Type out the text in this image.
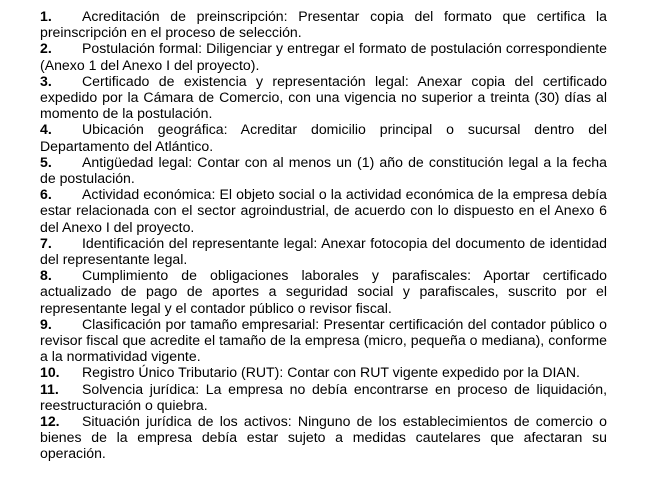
1. Acreditación de preinscripción: Presentar copia del formato que certifica la preinscripción en el proceso de selección.

2. Postulación formal: Diligenciar y entregar el formato de postulación correspondiente (Anexo 1 del Anexo I del proyecto).

3. Certificado de existencia y representación legal: Anexar copia del certificado expedido por la Cámara de Comercio, con una vigencia no superior a treinta (30) días al momento de la postulación.

4. Ubicación geográfica: Acreditar domicilio principal o sucursal dentro del Departamento del Atlántico.

5. Antigüedad legal: Contar con al menos un (1) año de constitución legal a la fecha de postulación.

6. Actividad económica: El objeto social o la actividad económica de la empresa debía estar relacionada con el sector agroindustrial, de acuerdo con lo dispuesto en el Anexo 6 del Anexo I del proyecto.

7. Identificación del representante legal: Anexar fotocopia del documento de identidad del representante legal.

8. Cumplimiento de obligaciones laborales y parafiscales: Aportar certificado actualizado de pago de aportes a seguridad social y parafiscales, suscrito por el representante legal y el contador público o revisor fiscal.

9. Clasificación por tamaño empresarial: Presentar certificación del contador público o revisor fiscal que acredite el tamaño de la empresa (micro, pequeña o mediana), conforme a la normatividad vigente.

10. Registro Único Tributario (RUT): Contar con RUT vigente expedido por la DIAN.

11. Solvencia jurídica: La empresa no debía encontrarse en proceso de liquidación, reestructuración o quiebra.

12. Situación jurídica de los activos: Ninguno de los establecimientos de comercio o bienes de la empresa debía estar sujeto a medidas cautelares que afectaran su operación.
